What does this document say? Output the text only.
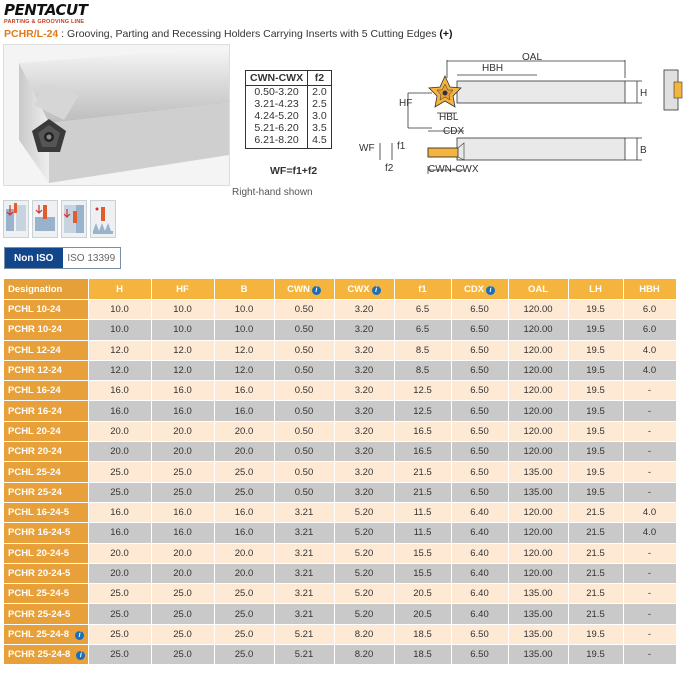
PENTACUT
PARTING & GROOVING LINE
PCHR/L-24 : Grooving, Parting and Recessing Holders Carrying Inserts with 5 Cutting Edges (+)
OAL
HBH
HF
HBL
H
CDX
WF f1
f2
B
CWN-CWX
CWN-CWX	f2
0.50-3.20	2.0
3.21-4.23	2.5
4.24-5.20	3.0
5.21-6.20	3.5
6.21-8.20	4.5
WF=f1+f2
Right-hand shown
Non ISO	ISO 13399
Designation	H	HF	B	CWN i	CWX i	f1	CDX i	OAL	LH	HBH
PCHL 10-24	10.0	10.0	10.0	0.50	3.20	6.5	6.50	120.00	19.5	6.0
PCHR 10-24	10.0	10.0	10.0	0.50	3.20	6.5	6.50	120.00	19.5	6.0
PCHL 12-24	12.0	12.0	12.0	0.50	3.20	8.5	6.50	120.00	19.5	4.0
PCHR 12-24	12.0	12.0	12.0	0.50	3.20	8.5	6.50	120.00	19.5	4.0
PCHL 16-24	16.0	16.0	16.0	0.50	3.20	12.5	6.50	120.00	19.5	-
PCHR 16-24	16.0	16.0	16.0	0.50	3.20	12.5	6.50	120.00	19.5	-
PCHL 20-24	20.0	20.0	20.0	0.50	3.20	16.5	6.50	120.00	19.5	-
PCHR 20-24	20.0	20.0	20.0	0.50	3.20	16.5	6.50	120.00	19.5	-
PCHL 25-24	25.0	25.0	25.0	0.50	3.20	21.5	6.50	135.00	19.5	-
PCHR 25-24	25.0	25.0	25.0	0.50	3.20	21.5	6.50	135.00	19.5	-
PCHL 16-24-5	16.0	16.0	16.0	3.21	5.20	11.5	6.40	120.00	21.5	4.0
PCHR 16-24-5	16.0	16.0	16.0	3.21	5.20	11.5	6.40	120.00	21.5	4.0
PCHL 20-24-5	20.0	20.0	20.0	3.21	5.20	15.5	6.40	120.00	21.5	-
PCHR 20-24-5	20.0	20.0	20.0	3.21	5.20	15.5	6.40	120.00	21.5	-
PCHL 25-24-5	25.0	25.0	25.0	3.21	5.20	20.5	6.40	135.00	21.5	-
PCHR 25-24-5	25.0	25.0	25.0	3.21	5.20	20.5	6.40	135.00	21.5	-
PCHL 25-24-8 i	25.0	25.0	25.0	5.21	8.20	18.5	6.50	135.00	19.5	-
PCHR 25-24-8 i	25.0	25.0	25.0	5.21	8.20	18.5	6.50	135.00	19.5	-
